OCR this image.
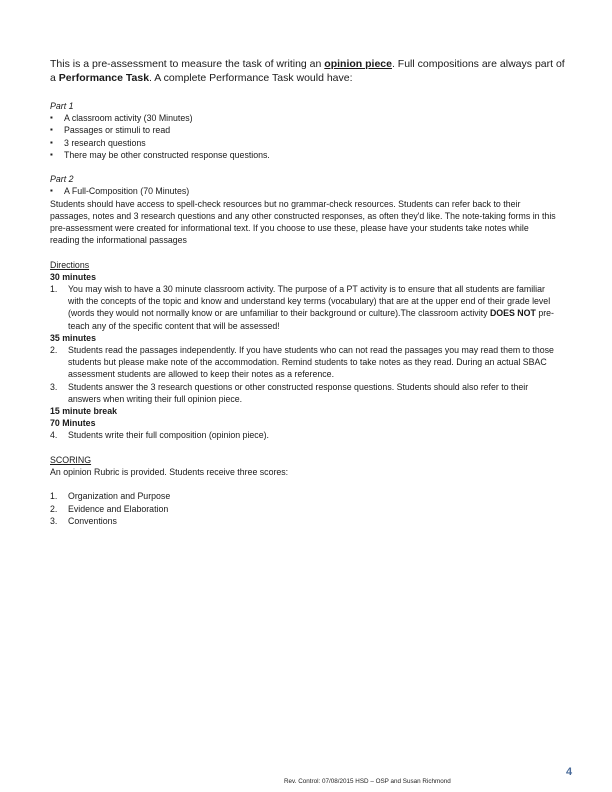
This is a pre-assessment to measure the task of writing an opinion piece. Full compositions are always part of a Performance Task. A complete Performance Task would have:
Part 1
▪	A classroom activity (30 Minutes)
▪	Passages or stimuli to read
▪	3 research questions
▪	There may be other constructed response questions.
Part 2
▪	A Full-Composition (70 Minutes)
Students should have access to spell-check resources but no grammar-check resources. Students can refer back to their passages, notes and 3 research questions and any other constructed responses, as often they'd like. The note-taking forms in this pre-assessment were created for informational text. If you choose to use these, please have your students take notes while reading the informational passages
Directions
30 minutes
1.	You may wish to have a 30 minute classroom activity. The purpose of a PT activity is to ensure that all students are familiar with the concepts of the topic and know and understand key terms (vocabulary) that are at the upper end of their grade level (words they would not normally know or are unfamiliar to their background or culture).The classroom activity DOES NOT pre-teach any of the specific content that will be assessed!
35 minutes
2.	Students read the passages independently. If you have students who can not read the passages you may read them to those students but please make note of the accommodation. Remind students to take notes as they read. During an actual SBAC assessment students are allowed to keep their notes as a reference.
3.	Students answer the 3 research questions or other constructed response questions. Students should also refer to their answers when writing their full opinion piece.
15 minute break
70 Minutes
4.	Students write their full composition (opinion piece).
SCORING
An opinion Rubric is provided. Students receive three scores:
1.	Organization and Purpose
2.	Evidence and Elaboration
3.	Conventions
Rev. Control: 07/08/2015 HSD – OSP and Susan Richmond
4
